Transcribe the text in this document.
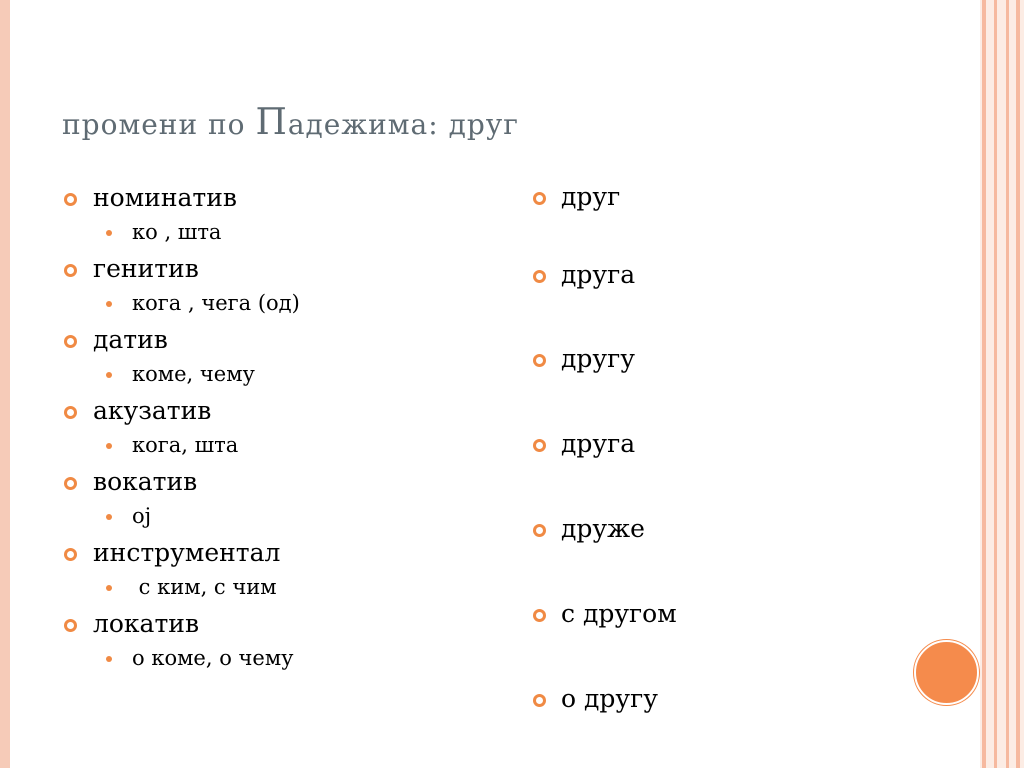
промени по Падежима: друг
номинатив
ко , шта
генитив
кога , чега (од)
датив
коме, чему
акузатив
кога, шта
вокатив
ој
инструментал
с ким, с чим
локатив
о коме, о чему
друг
друга
другу
друга
друже
с другом
о другу
